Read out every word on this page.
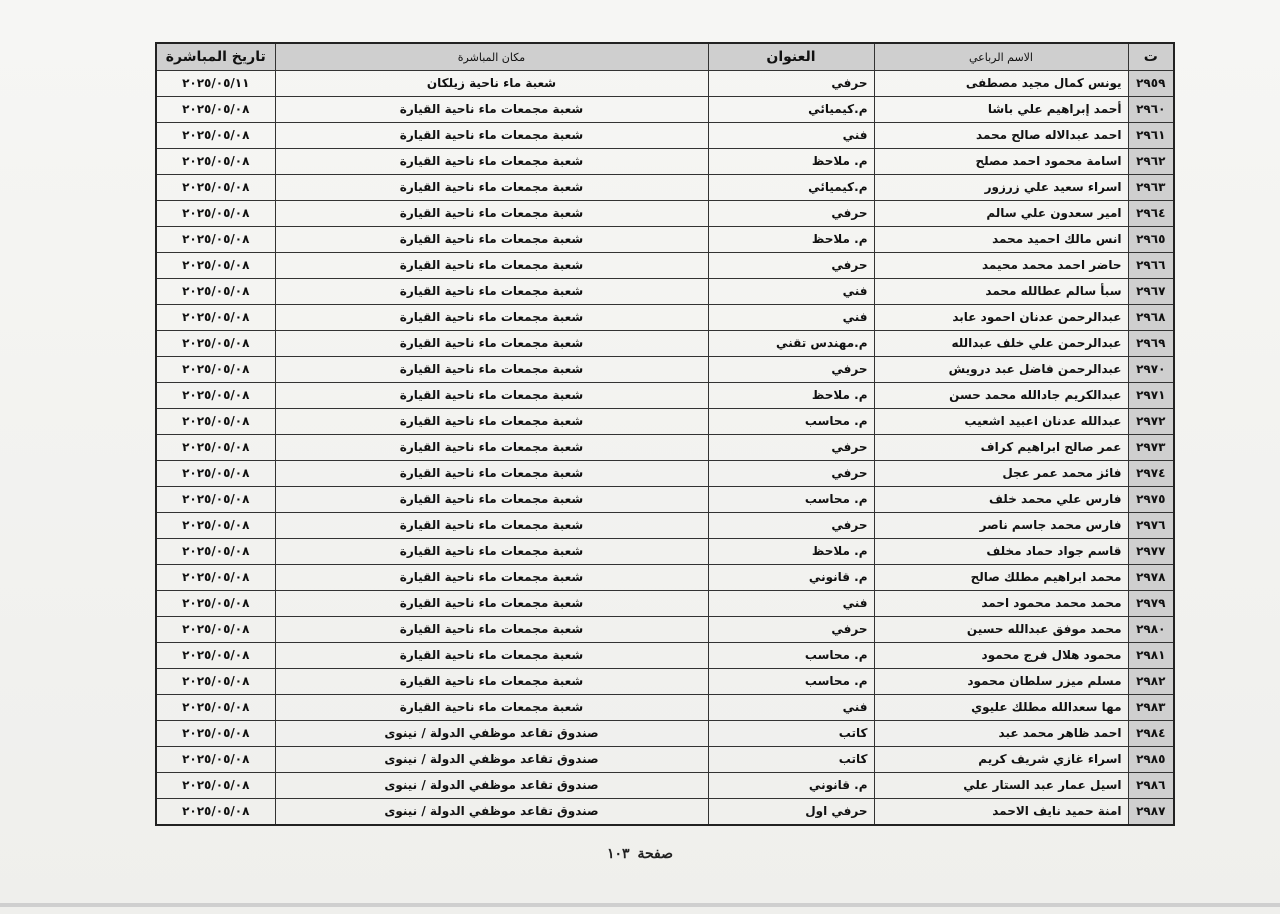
ت	الاسم الرباعي	العنوان	مكان المباشرة	تاريخ المباشرة
٢٩٥٩	يونس كمال مجيد مصطفى	حرفي	شعبة ماء ناحية زيلكان	٢٠٢٥/٠٥/١١
٢٩٦٠	أحمد إبراهيم علي باشا	م.كيميائي	شعبة مجمعات ماء ناحية القيارة	٢٠٢٥/٠٥/٠٨
٢٩٦١	احمد عبدالاله صالح محمد	فني	شعبة مجمعات ماء ناحية القيارة	٢٠٢٥/٠٥/٠٨
٢٩٦٢	اسامة محمود احمد مصلح	م. ملاحظ	شعبة مجمعات ماء ناحية القيارة	٢٠٢٥/٠٥/٠٨
٢٩٦٣	اسراء سعيد علي زرزور	م.كيميائي	شعبة مجمعات ماء ناحية القيارة	٢٠٢٥/٠٥/٠٨
٢٩٦٤	امير سعدون علي سالم	حرفي	شعبة مجمعات ماء ناحية القيارة	٢٠٢٥/٠٥/٠٨
٢٩٦٥	انس مالك احميد محمد	م. ملاحظ	شعبة مجمعات ماء ناحية القيارة	٢٠٢٥/٠٥/٠٨
٢٩٦٦	حاضر احمد محمد محيمد	حرفي	شعبة مجمعات ماء ناحية القيارة	٢٠٢٥/٠٥/٠٨
٢٩٦٧	سبأ سالم عطالله محمد	فني	شعبة مجمعات ماء ناحية القيارة	٢٠٢٥/٠٥/٠٨
٢٩٦٨	عبدالرحمن عدنان احمود عابد	فني	شعبة مجمعات ماء ناحية القيارة	٢٠٢٥/٠٥/٠٨
٢٩٦٩	عبدالرحمن علي خلف عبدالله	م.مهندس تقني	شعبة مجمعات ماء ناحية القيارة	٢٠٢٥/٠٥/٠٨
٢٩٧٠	عبدالرحمن فاضل عبد درويش	حرفي	شعبة مجمعات ماء ناحية القيارة	٢٠٢٥/٠٥/٠٨
٢٩٧١	عبدالكريم جادالله محمد حسن	م. ملاحظ	شعبة مجمعات ماء ناحية القيارة	٢٠٢٥/٠٥/٠٨
٢٩٧٢	عبدالله عدنان اعبيد اشعيب	م. محاسب	شعبة مجمعات ماء ناحية القيارة	٢٠٢٥/٠٥/٠٨
٢٩٧٣	عمر صالح ابراهيم كراف	حرفي	شعبة مجمعات ماء ناحية القيارة	٢٠٢٥/٠٥/٠٨
٢٩٧٤	فائز محمد عمر عجل	حرفي	شعبة مجمعات ماء ناحية القيارة	٢٠٢٥/٠٥/٠٨
٢٩٧٥	فارس علي محمد خلف	م. محاسب	شعبة مجمعات ماء ناحية القيارة	٢٠٢٥/٠٥/٠٨
٢٩٧٦	فارس محمد جاسم ناصر	حرفي	شعبة مجمعات ماء ناحية القيارة	٢٠٢٥/٠٥/٠٨
٢٩٧٧	قاسم جواد حماد مخلف	م. ملاحظ	شعبة مجمعات ماء ناحية القيارة	٢٠٢٥/٠٥/٠٨
٢٩٧٨	محمد ابراهيم مطلك صالح	م. قانوني	شعبة مجمعات ماء ناحية القيارة	٢٠٢٥/٠٥/٠٨
٢٩٧٩	محمد محمد محمود احمد	فني	شعبة مجمعات ماء ناحية القيارة	٢٠٢٥/٠٥/٠٨
٢٩٨٠	محمد موفق عبدالله حسين	حرفي	شعبة مجمعات ماء ناحية القيارة	٢٠٢٥/٠٥/٠٨
٢٩٨١	محمود هلال فرج محمود	م. محاسب	شعبة مجمعات ماء ناحية القيارة	٢٠٢٥/٠٥/٠٨
٢٩٨٢	مسلم ميزر سلطان محمود	م. محاسب	شعبة مجمعات ماء ناحية القيارة	٢٠٢٥/٠٥/٠٨
٢٩٨٣	مها سعدالله مطلك عليوي	فني	شعبة مجمعات ماء ناحية القيارة	٢٠٢٥/٠٥/٠٨
٢٩٨٤	احمد ظاهر محمد عبد	كاتب	صندوق تقاعد موظفي الدولة / نينوى	٢٠٢٥/٠٥/٠٨
٢٩٨٥	اسراء غازي شريف كريم	كاتب	صندوق تقاعد موظفي الدولة / نينوى	٢٠٢٥/٠٥/٠٨
٢٩٨٦	اسيل عمار عبد الستار علي	م. قانوني	صندوق تقاعد موظفي الدولة / نينوى	٢٠٢٥/٠٥/٠٨
٢٩٨٧	امنة حميد نايف الاحمد	حرفي اول	صندوق تقاعد موظفي الدولة / نينوى	٢٠٢٥/٠٥/٠٨
صفحة١٠٣
